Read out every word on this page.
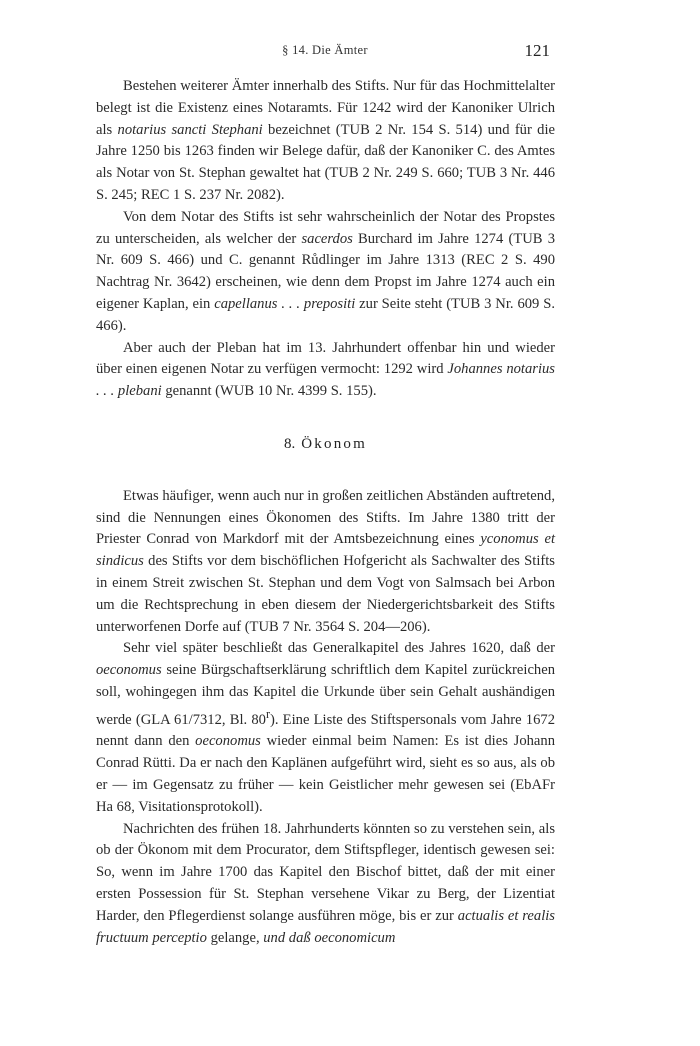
§ 14. Die Ämter	121

Bestehen weiterer Ämter innerhalb des Stifts. Nur für das Hochmittelalter belegt ist die Existenz eines Notaramts. Für 1242 wird der Kanoniker Ulrich als notarius sancti Stephani bezeichnet (TUB 2 Nr. 154 S. 514) und für die Jahre 1250 bis 1263 finden wir Belege dafür, daß der Kanoniker C. des Amtes als Notar von St. Stephan gewaltet hat (TUB 2 Nr. 249 S. 660; TUB 3 Nr. 446 S. 245; REC 1 S. 237 Nr. 2082).

Von dem Notar des Stifts ist sehr wahrscheinlich der Notar des Propstes zu unterscheiden, als welcher der sacerdos Burchard im Jahre 1274 (TUB 3 Nr. 609 S. 466) und C. genannt Růdlinger im Jahre 1313 (REC 2 S. 490 Nachtrag Nr. 3642) erscheinen, wie denn dem Propst im Jahre 1274 auch ein eigener Kaplan, ein capellanus . . . prepositi zur Seite steht (TUB 3 Nr. 609 S. 466).

Aber auch der Pleban hat im 13. Jahrhundert offenbar hin und wieder über einen eigenen Notar zu verfügen vermocht: 1292 wird Johannes notarius . . . plebani genannt (WUB 10 Nr. 4399 S. 155).

8. Ökonom

Etwas häufiger, wenn auch nur in großen zeitlichen Abständen auftretend, sind die Nennungen eines Ökonomen des Stifts. Im Jahre 1380 tritt der Priester Conrad von Markdorf mit der Amtsbezeichnung eines yconomus et sindicus des Stifts vor dem bischöflichen Hofgericht als Sachwalter des Stifts in einem Streit zwischen St. Stephan und dem Vogt von Salmsach bei Arbon um die Rechtsprechung in eben diesem der Niedergerichtsbarkeit des Stifts unterworfenen Dorfe auf (TUB 7 Nr. 3564 S. 204—206).

Sehr viel später beschließt das Generalkapitel des Jahres 1620, daß der oeconomus seine Bürgschaftserklärung schriftlich dem Kapitel zurückreichen soll, wohingegen ihm das Kapitel die Urkunde über sein Gehalt aushändigen werde (GLA 61/7312, Bl. 80$^r$). Eine Liste des Stiftspersonals vom Jahre 1672 nennt dann den oeconomus wieder einmal beim Namen: Es ist dies Johann Conrad Rütti. Da er nach den Kaplänen aufgeführt wird, sieht es so aus, als ob er — im Gegensatz zu früher — kein Geistlicher mehr gewesen sei (EbAFr Ha 68, Visitationsprotokoll).

Nachrichten des frühen 18. Jahrhunderts könnten so zu verstehen sein, als ob der Ökonom mit dem Procurator, dem Stiftspfleger, identisch gewesen sei: So, wenn im Jahre 1700 das Kapitel den Bischof bittet, daß der mit einer ersten Possession für St. Stephan versehene Vikar zu Berg, der Lizentiat Harder, den Pflegerdienst solange ausführen möge, bis er zur actualis et realis fructuum perceptio gelange, und daß oeconomicum
